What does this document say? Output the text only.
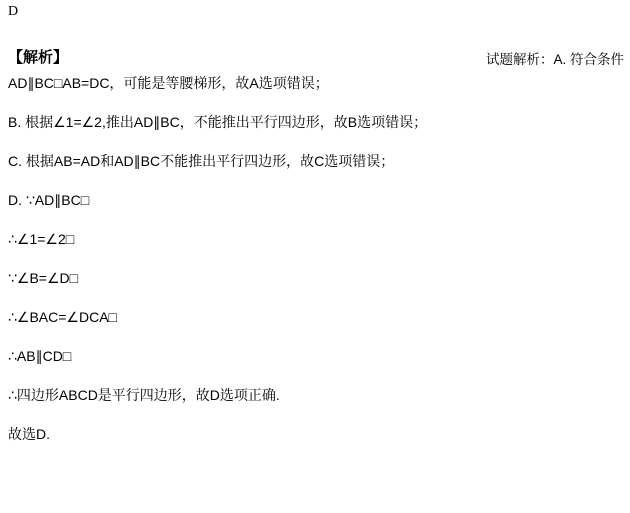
D
【解析】	试题解析：A. 符合条件
AD∥BC□AB=DC，可能是等腰梯形，故A选项错误；
B. 根据∠1=∠2,推出AD∥BC，不能推出平行四边形，故B选项错误；
C. 根据AB=AD和AD∥BC不能推出平行四边形，故C选项错误；
D. ∵AD∥BC□
∴∠1=∠2□
∵∠B=∠D□
∴∠BAC=∠DCA□
∴AB∥CD□
∴四边形ABCD是平行四边形，故D选项正确.
故选D.
